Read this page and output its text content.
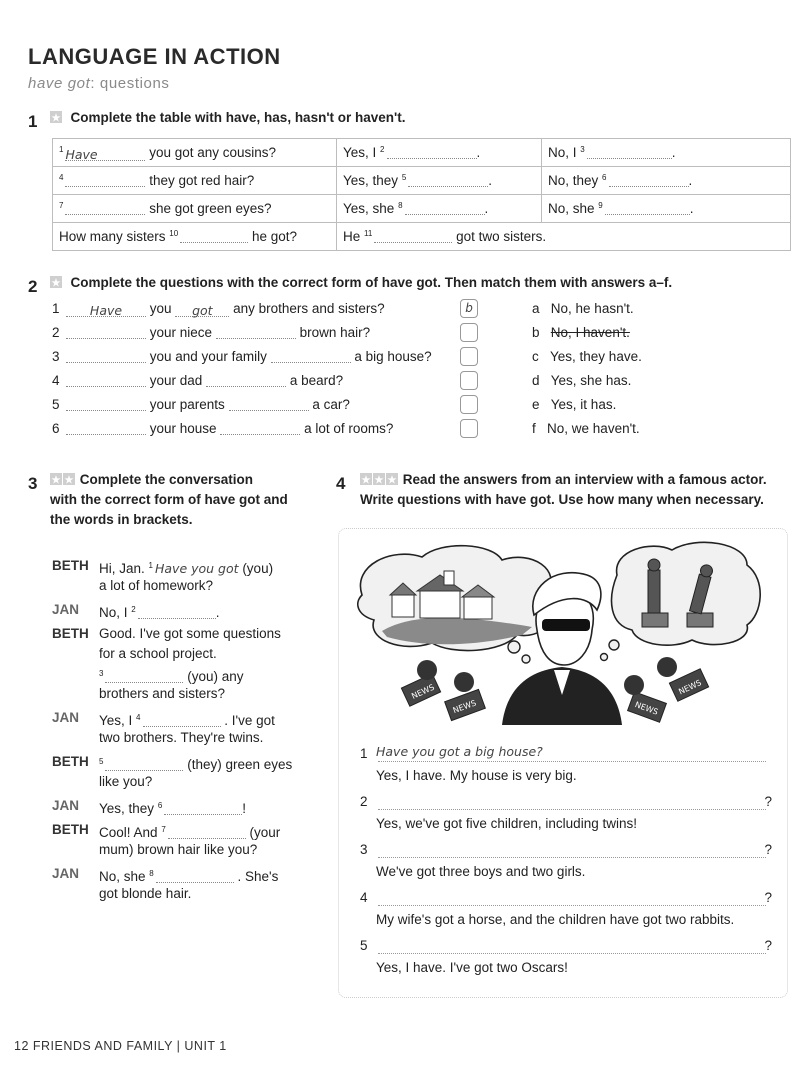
LANGUAGE IN ACTION
have got: questions
1 ★	Complete the table with have, has, hasn't or haven't.
$^1$ Have you got any cousins?	Yes, I $^2$ .	No, I $^3$ .
$^4$ they got red hair?	Yes, they $^5$ .	No, they $^6$ .
$^7$ she got green eyes?	Yes, she $^8$ .	No, she $^9$ .
How many sisters $^{10}$ he got?	He $^{11}$ got two sisters.	
2 ★	Complete the questions with the correct form of have got. Then match them with answers a–f.
1	Have you got any brothers and sisters?	b	a No, he hasn't.
2	your niece	brown hair?	b No, I haven't.
3	you and your family	a big house?	c Yes, they have.
4	your dad	a beard?	d Yes, she has.
5	your parents	a car?	e Yes, it has.
6	your house	a lot of rooms?	f No, we haven't.
3 ★ ★	Complete the conversation
with the correct form of have got and
the words in brackets.
BETH Hi, Jan. $^1$ Have you got (you)
a lot of homework?
JAN	No, I $^2$	.
BETH Good. I've got some questions
for a school project.
$^3$	(you) any
brothers and sisters?
JAN	Yes, I $^4$	. I've got
two brothers. They're twins.
BETH	$^5$	(they) green eyes
like you?
JAN	Yes, they $^6$	!
BETH Cool! And $^7$	(your
mum) brown hair like you?
JAN	No, she $^8$	. She's
got blonde hair.
4 ★ ★ ★	Read the answers from an interview with a famous actor.
Write questions with have got. Use how many when necessary.
NEWS
NEWS	NEWS
NEWS
1 Have you got a big house?
Yes, I have. My house is very big.
2	?
Yes, we've got five children, including twins!
3	?
We've got three boys and two girls.
4	?
My wife's got a horse, and the children have got two rabbits.
5	?
Yes, I have. I've got two Oscars!
12 FRIENDS AND FAMILY | UNIT 1
